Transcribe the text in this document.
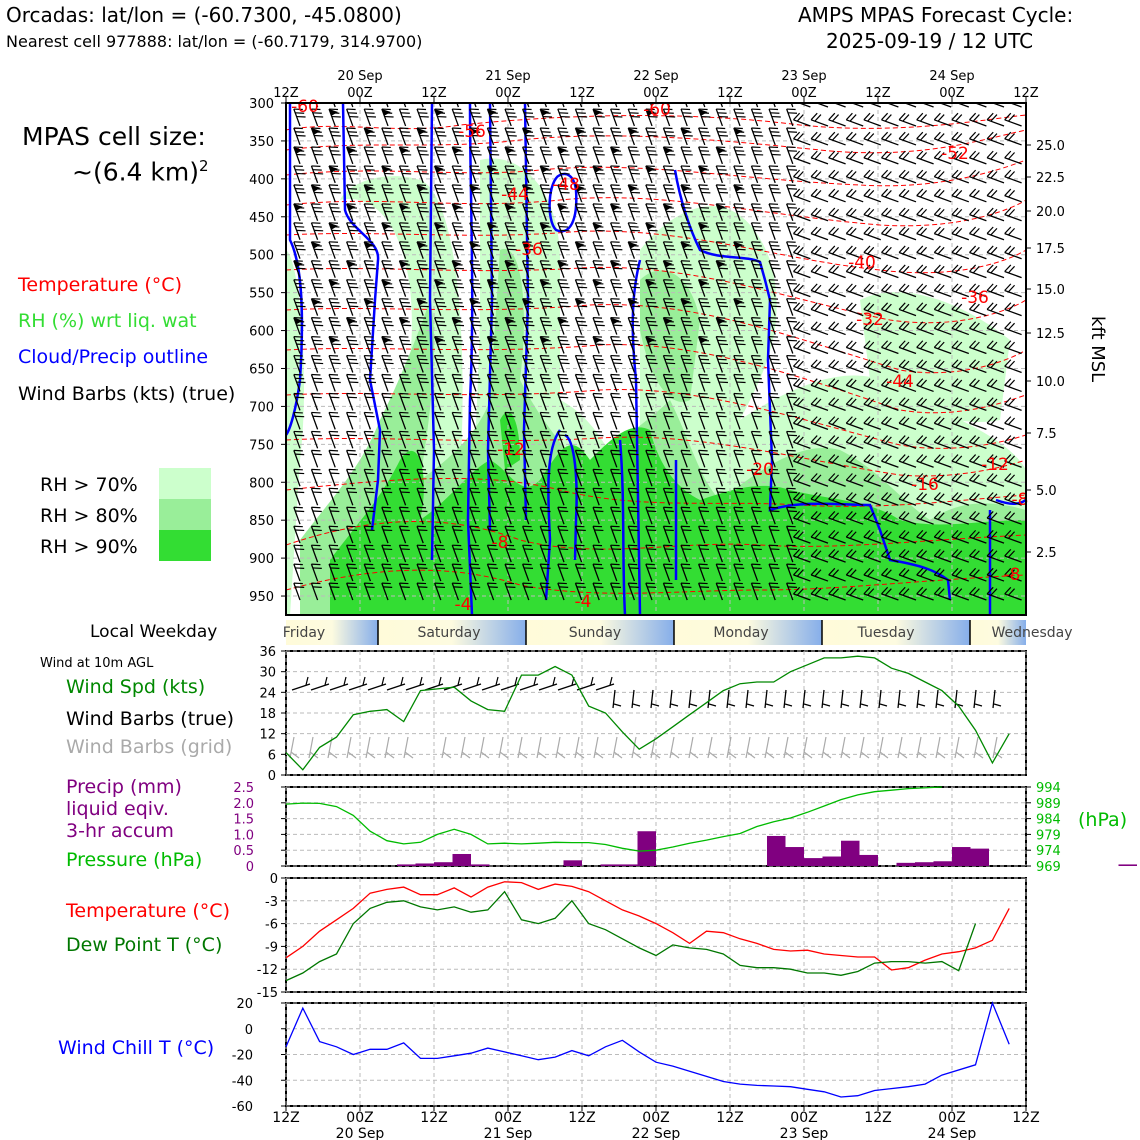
Orcadas: lat/lon = (-60.7300, -45.0800)
Nearest cell 977888: lat/lon = (-60.7179, 314.9700)
AMPS MPAS Forecast Cycle:
2025-09-19 / 12 UTC
MPAS cell size:
~(6.4 km)$^2$
Temperature (°C)
RH (%) wrt liq. wat
Cloud/Precip outline
Wind Barbs (kts) (true)
RH > 70%
RH > 80%
RH > 90%
Local Weekday
Wind at 10m AGL
Wind Spd (kts)
Wind Barbs (true)
Wind Barbs (grid)
Precip (mm)
liquid eqiv.
3-hr accum
Pressure (hPa)
Temperature (°C)
Dew Point T (°C)
Wind Chill T (°C)
(hPa)
kft MSL
-60
-56
-44 -48
-36
-60
-52
-40
-36
-32
-44
-12
-20
-16
-12
-8
-8
-8
-4	-4
12Z	00Z	12Z	00Z	12Z	00Z	12Z	00Z	12Z	00Z	12Z
20 Sep	21 Sep	22 Sep	23 Sep	24 Sep
300
350
400
450
500
550
600
650
700
750
800
850
900
950
25.0
22.5
20.0
17.5
15.0
12.5
10.0
7.5
5.0
2.5
Friday	Saturday	Sunday	Monday	Tuesday	Wednesday
0
6
12
18
24
30
36
0
0.5
1.0
1.5
2.0
2.5
969
974
979
984
989
994
0
-3
-6
-9
-12
-15
20
0
-20
-40
-60
12Z	00Z	12Z	00Z	12Z	00Z	12Z	00Z	12Z	00Z	12Z
20 Sep	21 Sep	22 Sep	23 Sep	24 Sep
